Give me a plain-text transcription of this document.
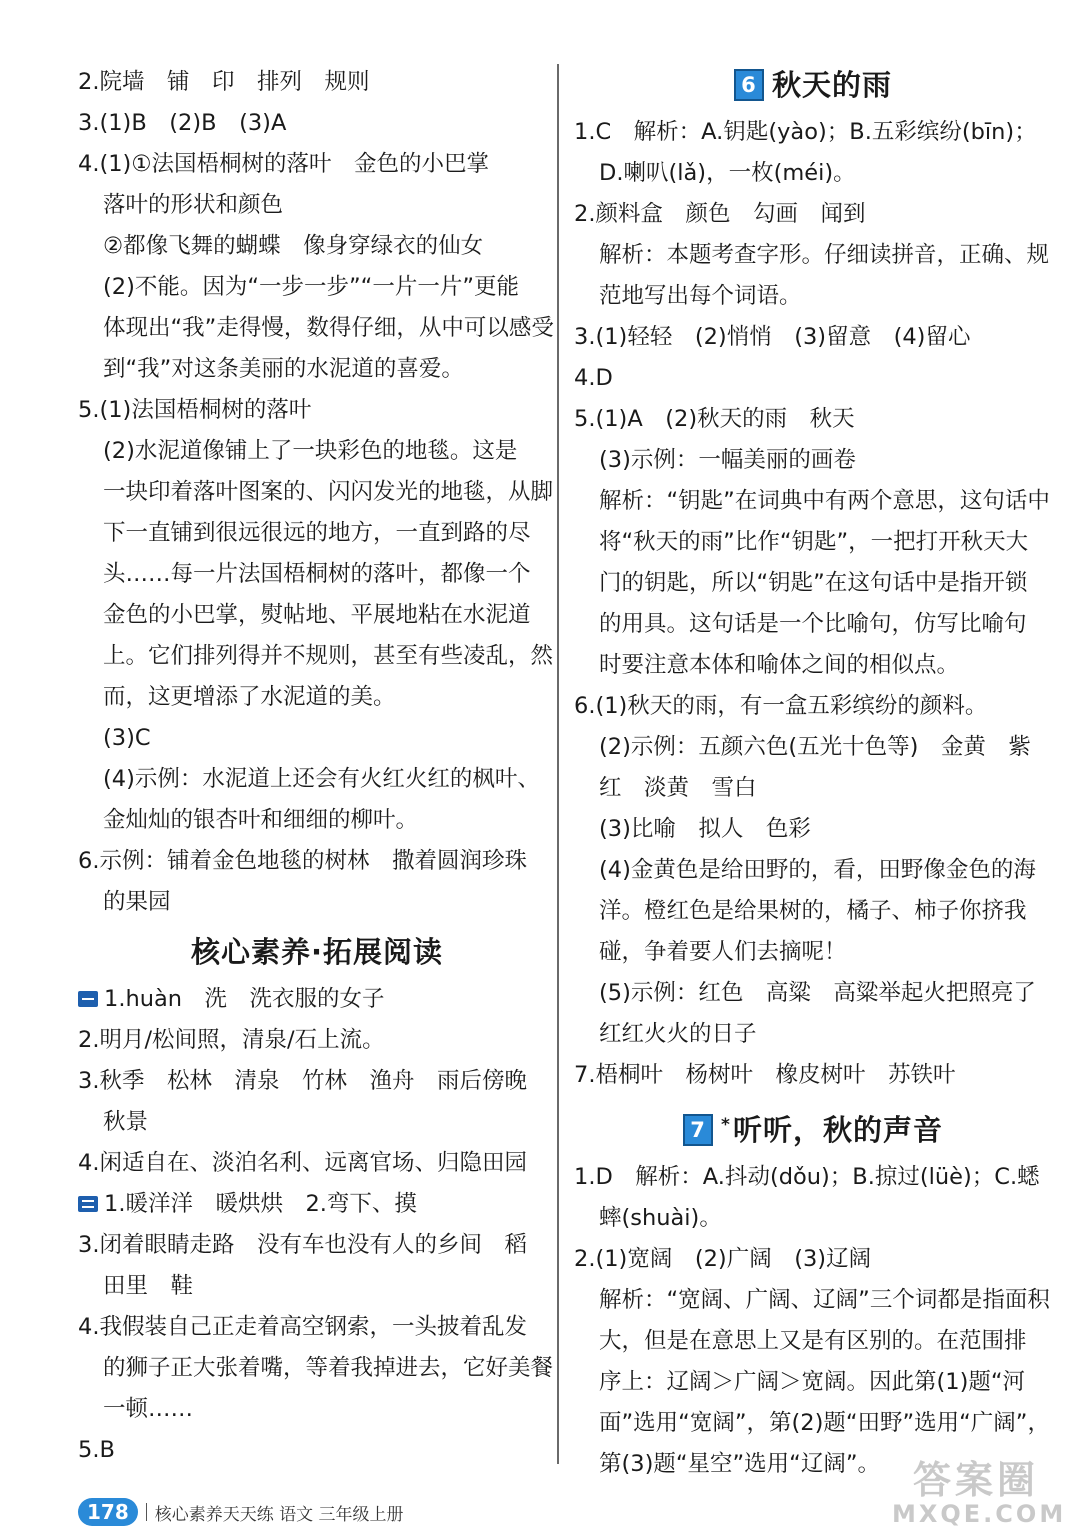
2.院墙　铺　印　排列　规则
3.(1)B　(2)B　(3)A
4.(1)①法国梧桐树的落叶　金色的小巴掌
落叶的形状和颜色
②都像飞舞的蝴蝶　像身穿绿衣的仙女
(2)不能。因为“一步一步”“一片一片”更能
体现出“我”走得慢，数得仔细，从中可以感受
到“我”对这条美丽的水泥道的喜爱。
5.(1)法国梧桐树的落叶
(2)水泥道像铺上了一块彩色的地毯。这是
一块印着落叶图案的、闪闪发光的地毯，从脚
下一直铺到很远很远的地方，一直到路的尽
头……每一片法国梧桐树的落叶，都像一个
金色的小巴掌，熨帖地、平展地粘在水泥道
上。它们排列得并不规则，甚至有些凌乱，然
而，这更增添了水泥道的美。
(3)C
(4)示例：水泥道上还会有火红火红的枫叶、
金灿灿的银杏叶和细细的柳叶。
6.示例：铺着金色地毯的树林　撒着圆润珍珠
的果园
核心素养·拓展阅读
1.huàn　洗　洗衣服的女子
2.明月/松间照，清泉/石上流。
3.秋季　松林　清泉　竹林　渔舟　雨后傍晚
秋景
4.闲适自在、淡泊名利、远离官场、归隐田园
1.暖洋洋　暖烘烘　2.弯下、摸
3.闭着眼睛走路　没有车也没有人的乡间　稻
田里　鞋
4.我假装自己正走着高空钢索，一头披着乱发
的狮子正大张着嘴，等着我掉进去，它好美餐
一顿……
5.B
6 秋天的雨
1.C　解析：A.钥匙(yào)；B.五彩缤纷(bīn)；
D.喇叭(lǎ)，一枚(méi)。
2.颜料盒　颜色　勾画　闻到
解析：本题考查字形。仔细读拼音，正确、规
范地写出每个词语。
3.(1)轻轻　(2)悄悄　(3)留意　(4)留心
4.D
5.(1)A　(2)秋天的雨　秋天
(3)示例：一幅美丽的画卷
解析：“钥匙”在词典中有两个意思，这句话中
将“秋天的雨”比作“钥匙”，一把打开秋天大
门的钥匙，所以“钥匙”在这句话中是指开锁
的用具。这句话是一个比喻句，仿写比喻句
时要注意本体和喻体之间的相似点。
6.(1)秋天的雨，有一盒五彩缤纷的颜料。
(2)示例：五颜六色(五光十色等)　金黄　紫
红　淡黄　雪白
(3)比喻　拟人　色彩
(4)金黄色是给田野的，看，田野像金色的海
洋。橙红色是给果树的，橘子、柿子你挤我
碰，争着要人们去摘呢！
(5)示例：红色　高粱　高粱举起火把照亮了
红红火火的日子
7.梧桐叶　杨树叶　橡皮树叶　苏铁叶
7 *听听，秋的声音
1.D　解析：A.抖动(dǒu)；B.掠过(lüè)；C.蟋
蟀(shuài)。
2.(1)宽阔　(2)广阔　(3)辽阔
解析：“宽阔、广阔、辽阔”三个词都是指面积
大，但是在意思上又是有区别的。在范围排
序上：辽阔＞广阔＞宽阔。因此第(1)题“河
面”选用“宽阔”，第(2)题“田野”选用“广阔”，
第(3)题“星空”选用“辽阔”。
178	核心素养天天练 语文 三年级上册
答案圈
MXQE.COM
